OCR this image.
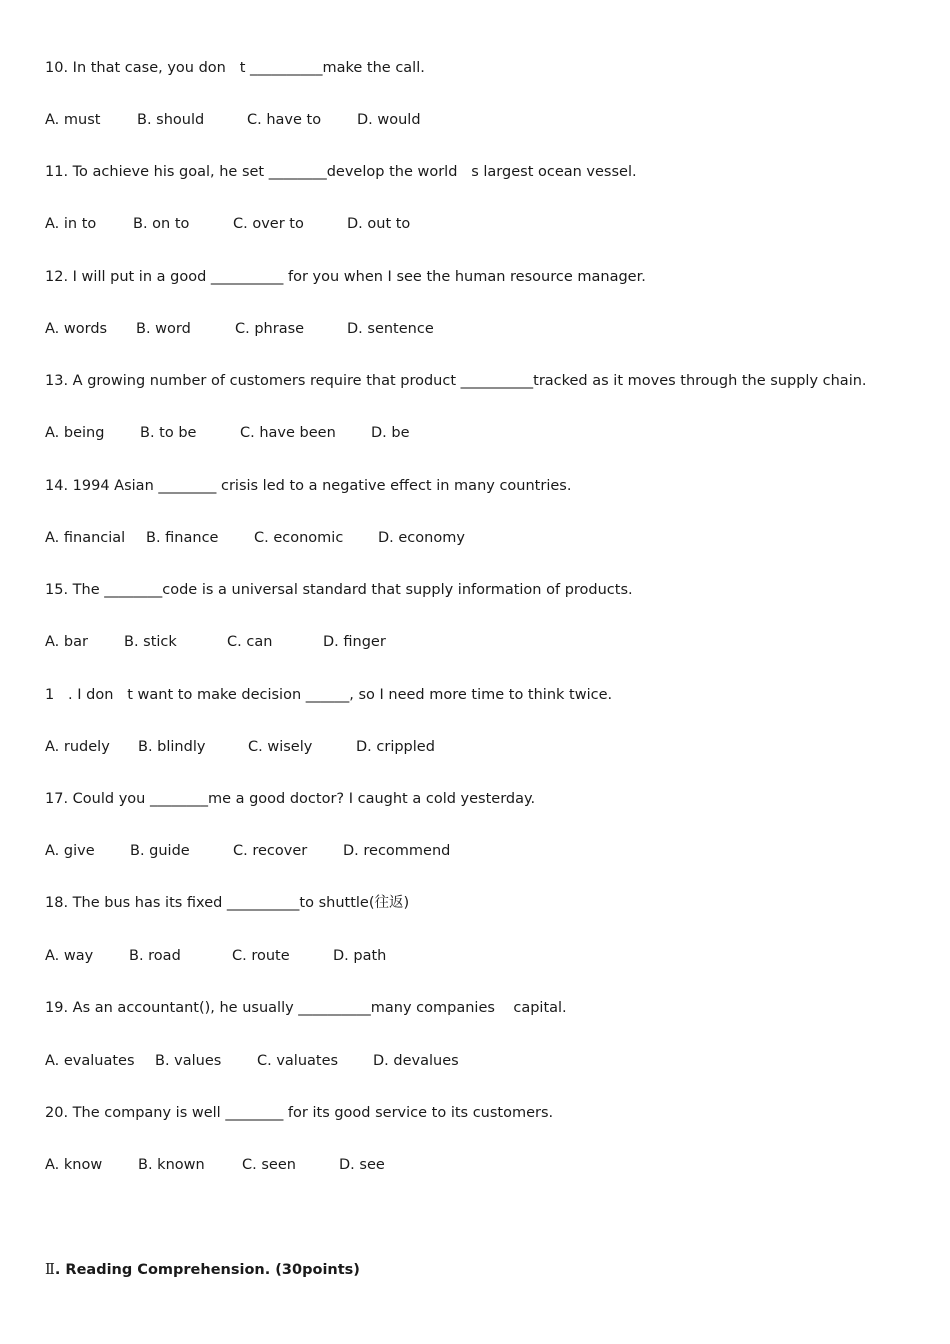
10. In that case, you don   t __________make the call.
A. must	B. should	C. have to D. would
11. To achieve his goal, he set ________develop the world   s largest ocean vessel.
A. in to	B. on to	C. over to	D. out to
12. I will put in a good __________ for you when I see the human resource manager.
A. words B. word	C. phrase	D. sentence
13. A growing number of customers require that product __________tracked as it moves through the supply chain.
A. being B. to be	C. have been D. be
14. 1994 Asian ________ crisis led to a negative effect in many countries.
A. financial B. finance C. economic D. economy
15. The ________code is a universal standard that supply information of products.
A. bar B. stick	C. can	D. finger
1   . I don   t want to make decision ______, so I need more time to think twice.
A. rudely B. blindly	C. wisely	D. crippled
17. Could you ________me a good doctor? I caught a cold yesterday.
A. give B. guide	C. recover D. recommend
18. The bus has its fixed __________to shuttle(往返)
A. way B. road	C. route	D. path
19. As an accountant(), he usually __________many companies    capital.
A. evaluates B. values C. valuates D. devalues
20. The company is well ________ for its good service to its customers.
A. know B. known	C. seen	D. see
Ⅱ. Reading Comprehension. (30points)
